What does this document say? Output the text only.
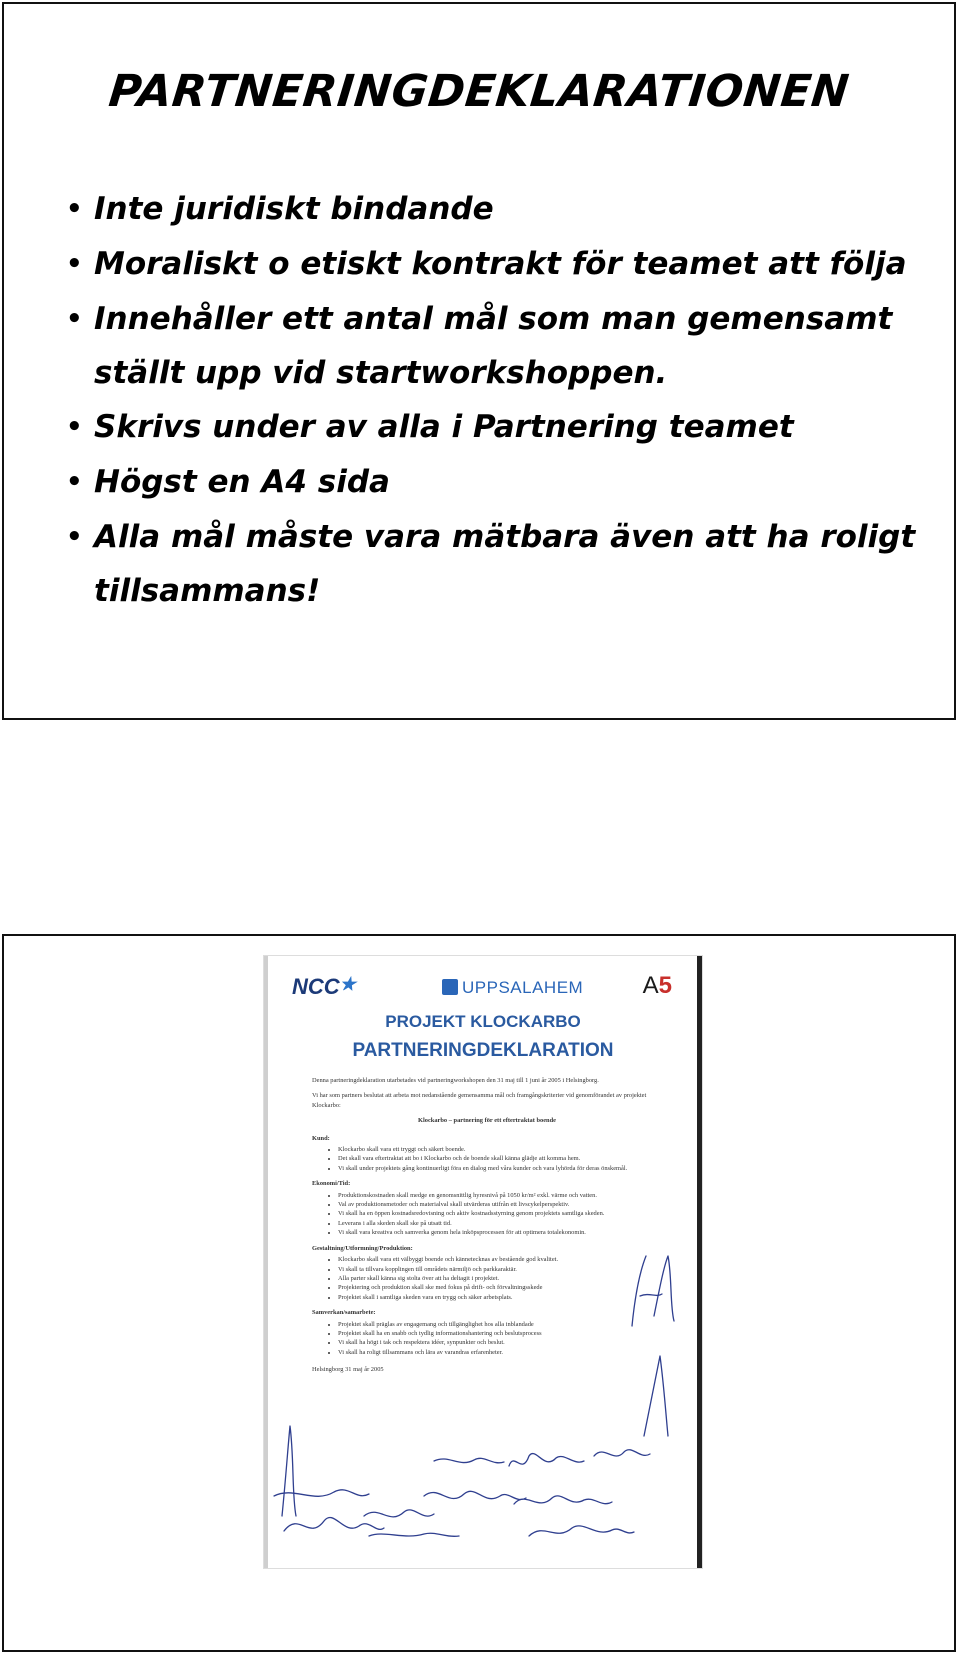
PARTNERINGDEKLARATIONEN
• Inte juridiskt bindande
• Moraliskt o etiskt kontrakt för teamet att följa
• Innehåller ett antal mål som man gemensamt ställt upp vid startworkshoppen.
• Skrivs under av alla i Partnering teamet
• Högst en A4 sida
• Alla mål måste vara mätbara även att ha roligt tillsammans!
NCC★	UPPSALAHEM A5
PROJEKT KLOCKARBO
PARTNERINGDEKLARATION

Denna partneringdeklaration utarbetades vid partneringworkshopen den 31 maj till 1 juni år 2005 i Helsingborg.

Vi har som partners beslutat att arbeta mot nedanstående gemensamma mål och framgångskriterier vid genomförandet av projektet Klockarbo:

Klockarbo – partnering för ett eftertraktat boende
Kund:
• Klockarbo skall vara ett tryggt och säkert boende.
• Det skall vara eftertraktat att bo i Klockarbo och de boende skall känna glädje att komma hem.
• Vi skall under projektets gång kontinuerligt föra en dialog med våra kunder och vara lyhörda för deras önskemål.
Ekonomi/Tid:
• Produktionskostnaden skall medge en genomsnittlig hyresnivå på 1050 kr/m² exkl. värme och vatten.
• Val av produktionsmetoder och materialval skall utvärderas utifrån ett livscykelperspektiv.
• Vi skall ha en öppen kostnadsredovisning och aktiv kostnadsstyrning genom projektets samtliga skeden.
• Leverans i alla skeden skall ske på utsatt tid.
• Vi skall vara kreativa och samverka genom hela inköpsprocessen för att optimera totalekonomin.
Gestaltning/Utformning/Produktion:
• Klockarbo skall vara ett välbyggt boende och kännetecknas av bestående god kvalitet.
• Vi skall ta tillvara kopplingen till områdets närmiljö och parkkaraktär.
• Alla parter skall känna sig stolta över att ha deltagit i projektet.
• Projektering och produktion skall ske med fokus på drift- och förvaltningsskede
• Projektet skall i samtliga skeden vara en trygg och säker arbetsplats.
Samverkan/samarbete:
• Projektet skall präglas av engagemang och tillgänglighet hos alla inblandade
• Projektet skall ha en snabb och tydlig informationshantering och beslutsprocess
• Vi skall ha högt i tak och respektera idéer, synpunkter och beslut.
• Vi skall ha roligt tillsammans och lära av varandras erfarenheter.

Helsingborg 31 maj år 2005
